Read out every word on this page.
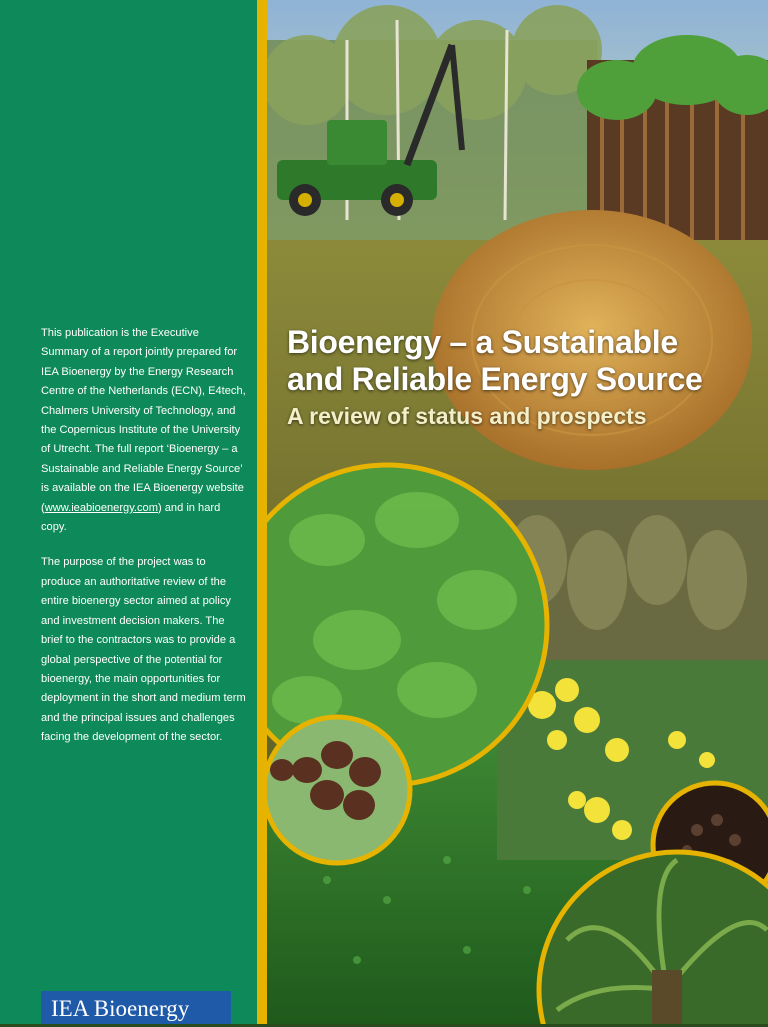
This publication is the Executive Summary of a report jointly prepared for IEA Bioenergy by the Energy Research Centre of the Netherlands (ECN), E4tech, Chalmers University of Technology, and the Copernicus Institute of the University of Utrecht. The full report ‘Bioenergy – a Sustainable and Reliable Energy Source’ is available on the IEA Bioenergy website (www.ieabioenergy.com) and in hard copy.

The purpose of the project was to produce an authoritative review of the entire bioenergy sector aimed at policy and investment decision makers. The brief to the contractors was to provide a global perspective of the potential for bioenergy, the main opportunities for deployment in the short and medium term and the principal issues and challenges facing the development of the sector.

IEA Bioenergy
Bioenergy – a Sustainable
and Reliable Energy Source
A review of status and prospects
